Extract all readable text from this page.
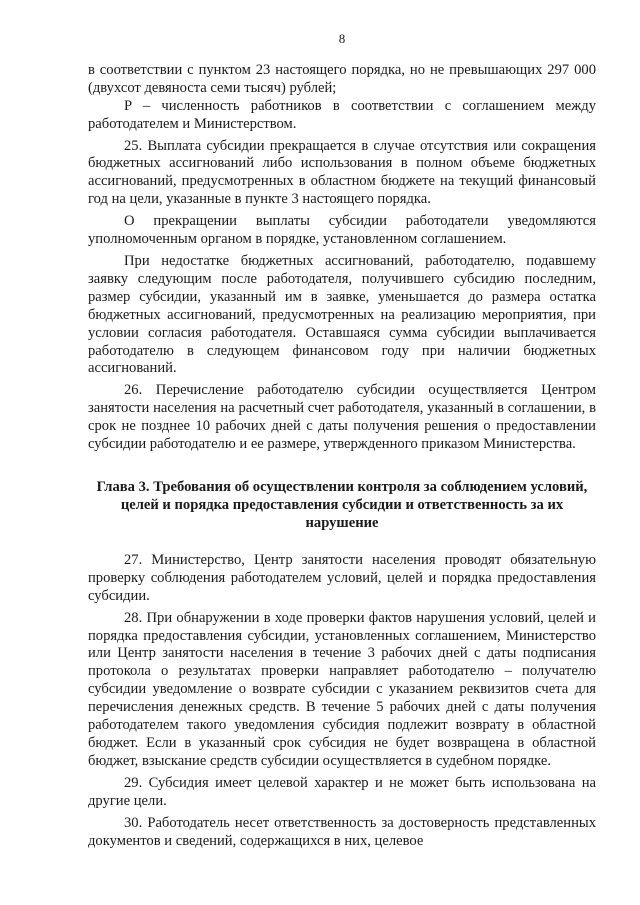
8

в соответствии с пунктом 23 настоящего порядка, но не превышающих 297 000 (двухсот девяноста семи тысяч) рублей;

P – численность работников в соответствии с соглашением между работодателем и Министерством.

25. Выплата субсидии прекращается в случае отсутствия или сокращения бюджетных ассигнований либо использования в полном объеме бюджетных ассигнований, предусмотренных в областном бюджете на текущий финансовый год на цели, указанные в пункте 3 настоящего порядка.

О прекращении выплаты субсидии работодатели уведомляются уполномоченным органом в порядке, установленном соглашением.

При недостатке бюджетных ассигнований, работодателю, подавшему заявку следующим после работодателя, получившего субсидию последним, размер субсидии, указанный им в заявке, уменьшается до размера остатка бюджетных ассигнований, предусмотренных на реализацию мероприятия, при условии согласия работодателя. Оставшаяся сумма субсидии выплачивается работодателю в следующем финансовом году при наличии бюджетных ассигнований.

26. Перечисление работодателю субсидии осуществляется Центром занятости населения на расчетный счет работодателя, указанный в соглашении, в срок не позднее 10 рабочих дней с даты получения решения о предоставлении субсидии работодателю и ее размере, утвержденного приказом Министерства.

Глава 3. Требования об осуществлении контроля за соблюдением условий, целей и порядка предоставления субсидии и ответственность за их нарушение

27. Министерство, Центр занятости населения проводят обязательную проверку соблюдения работодателем условий, целей и порядка предоставления субсидии.

28. При обнаружении в ходе проверки фактов нарушения условий, целей и порядка предоставления субсидии, установленных соглашением, Министерство или Центр занятости населения в течение 3 рабочих дней с даты подписания протокола о результатах проверки направляет работодателю – получателю субсидии уведомление о возврате субсидии с указанием реквизитов счета для перечисления денежных средств. В течение 5 рабочих дней с даты получения работодателем такого уведомления субсидия подлежит возврату в областной бюджет. Если в указанный срок субсидия не будет возвращена в областной бюджет, взыскание средств субсидии осуществляется в судебном порядке.

29. Субсидия имеет целевой характер и не может быть использована на другие цели.

30. Работодатель несет ответственность за достоверность представленных документов и сведений, содержащихся в них, целевое
